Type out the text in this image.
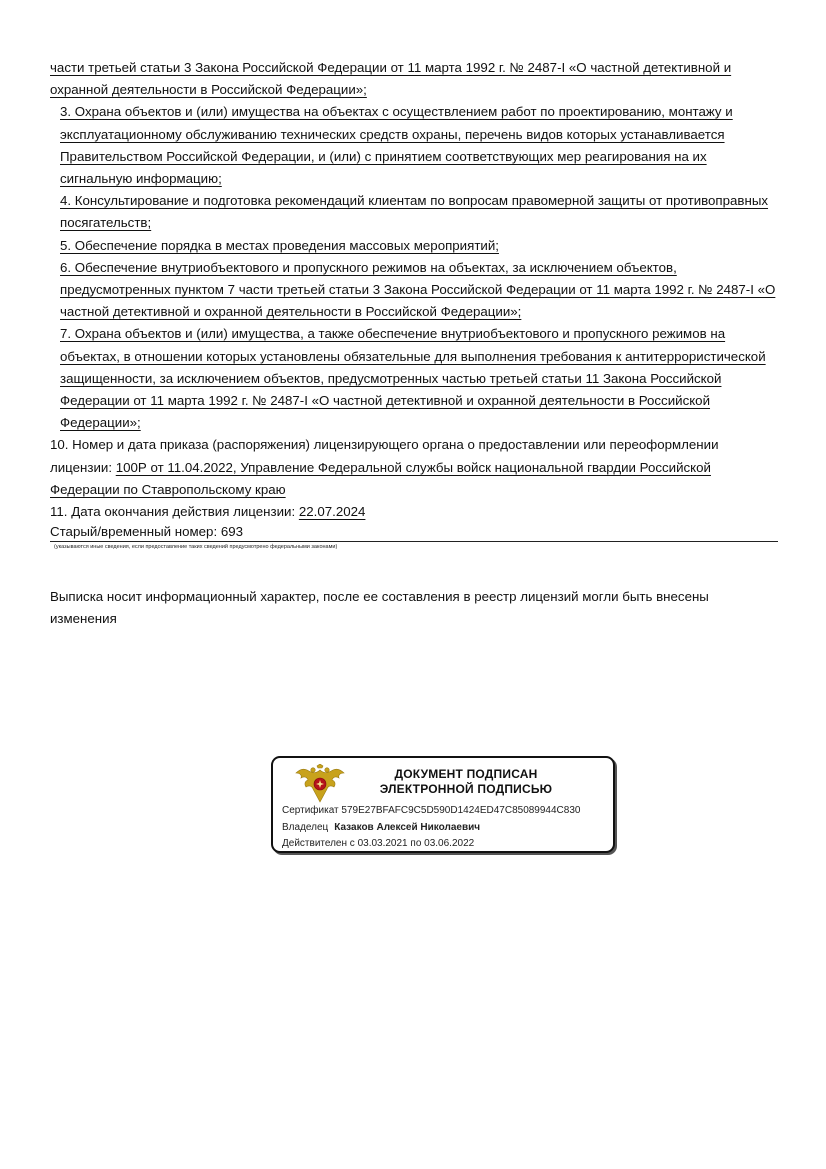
части третьей статьи 3 Закона Российской Федерации от 11 марта 1992 г. № 2487-I «О частной детективной и охранной деятельности в Российской Федерации»;

3. Охрана объектов и (или) имущества на объектах с осуществлением работ по проектированию, монтажу и эксплуатационному обслуживанию технических средств охраны, перечень видов которых устанавливается Правительством Российской Федерации, и (или) с принятием соответствующих мер реагирования на их сигнальную информацию;

4. Консультирование и подготовка рекомендаций клиентам по вопросам правомерной защиты от противоправных посягательств;

5. Обеспечение порядка в местах проведения массовых мероприятий;

6. Обеспечение внутриобъектового и пропускного режимов на объектах, за исключением объектов, предусмотренных пунктом 7 части третьей статьи 3 Закона Российской Федерации от 11 марта 1992 г. № 2487-I «О частной детективной и охранной деятельности в Российской Федерации»;

7. Охрана объектов и (или) имущества, а также обеспечение внутриобъектового и пропускного режимов на объектах, в отношении которых установлены обязательные для выполнения требования к антитеррористической защищенности, за исключением объектов, предусмотренных частью третьей статьи 11 Закона Российской Федерации от 11 марта 1992 г. № 2487-I «О частной детективной и охранной деятельности в Российской Федерации»;

10. Номер и дата приказа (распоряжения) лицензирующего органа о предоставлении или переоформлении лицензии: 100Р от 11.04.2022, Управление Федеральной службы войск национальной гвардии Российской Федерации по Ставропольскому краю

11. Дата окончания действия лицензии: 22.07.2024

Старый/временный номер: 693
(указываются иные сведения, если предоставление таких сведений предусмотрено федеральными законами)

Выписка носит информационный характер, после ее составления в реестр лицензий могли быть внесены изменения

ДОКУМЕНТ ПОДПИСАН
ЭЛЕКТРОННОЙ ПОДПИСЬЮ
Сертификат 579E27BFAFC9C5D590D1424ED47C85089944C830
Владелец Казаков Алексей Николаевич
Действителен с 03.03.2021 по 03.06.2022
